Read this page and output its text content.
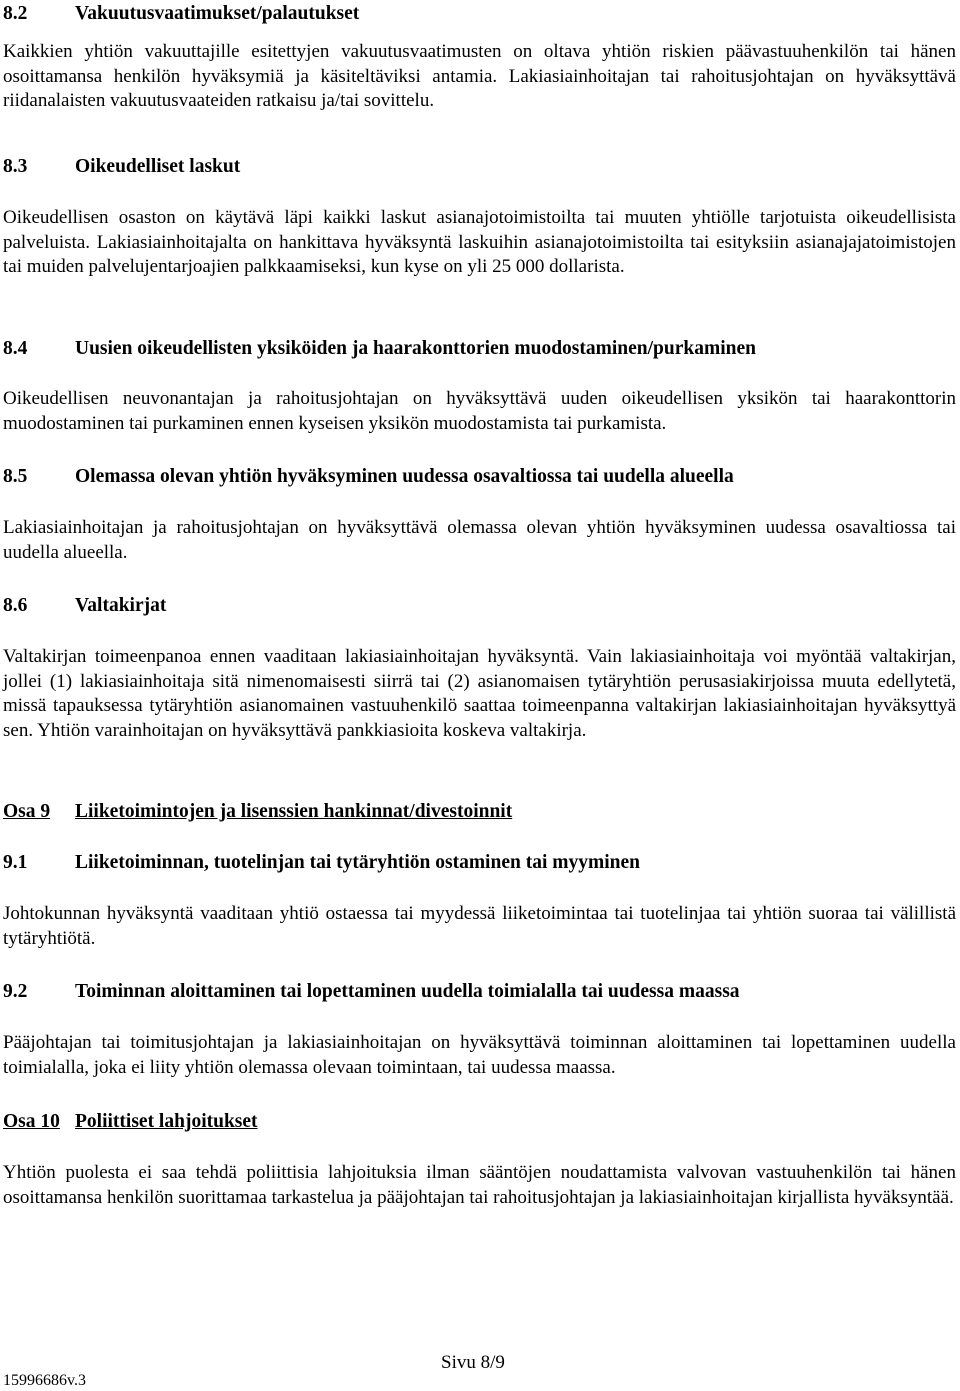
8.2 Vakuutusvaatimukset/palautukset
Kaikkien yhtiön vakuuttajille esitettyjen vakuutusvaatimusten on oltava yhtiön riskien päävastuuhenkilön tai hänen osoittamansa henkilön hyväksymiä ja käsiteltäviksi antamia. Lakiasiainhoitajan tai rahoitusjohtajan on hyväksyttävä riidanalaisten vakuutusvaateiden ratkaisu ja/tai sovittelu.
8.3 Oikeudelliset laskut
Oikeudellisen osaston on käytävä läpi kaikki laskut asianajotoimistoilta tai muuten yhtiölle tarjotuista oikeudellisista palveluista. Lakiasiainhoitajalta on hankittava hyväksyntä laskuihin asianajotoimistoilta tai esityksiin asianajajatoimistojen tai muiden palvelujentarjoajien palkkaamiseksi, kun kyse on yli 25 000 dollarista.
8.4 Uusien oikeudellisten yksiköiden ja haarakonttorien muodostaminen/purkaminen
Oikeudellisen neuvonantajan ja rahoitusjohtajan on hyväksyttävä uuden oikeudellisen yksikön tai haarakonttorin muodostaminen tai purkaminen ennen kyseisen yksikön muodostamista tai purkamista.
8.5 Olemassa olevan yhtiön hyväksyminen uudessa osavaltiossa tai uudella alueella
Lakiasiainhoitajan ja rahoitusjohtajan on hyväksyttävä olemassa olevan yhtiön hyväksyminen uudessa osavaltiossa tai uudella alueella.
8.6 Valtakirjat
Valtakirjan toimeenpanoa ennen vaaditaan lakiasiainhoitajan hyväksyntä. Vain lakiasiainhoitaja voi myöntää valtakirjan, jollei (1) lakiasiainhoitaja sitä nimenomaisesti siirrä tai (2) asianomaisen tytäryhtiön perusasiakirjoissa muuta edellytetä, missä tapauksessa tytäryhtiön asianomainen vastuuhenkilö saattaa toimeenpanna valtakirjan lakiasiainhoitajan hyväksyttyä sen. Yhtiön varainhoitajan on hyväksyttävä pankkiasioita koskeva valtakirja.
Osa 9 Liiketoimintojen ja lisenssien hankinnat/divestoinnit
9.1 Liiketoiminnan, tuotelinjan tai tytäryhtiön ostaminen tai myyminen
Johtokunnan hyväksyntä vaaditaan yhtiö ostaessa tai myydessä liiketoimintaa tai tuotelinjaa tai yhtiön suoraa tai välillistä tytäryhtiötä.
9.2 Toiminnan aloittaminen tai lopettaminen uudella toimialalla tai uudessa maassa
Pääjohtajan tai toimitusjohtajan ja lakiasiainhoitajan on hyväksyttävä toiminnan aloittaminen tai lopettaminen uudella toimialalla, joka ei liity yhtiön olemassa olevaan toimintaan, tai uudessa maassa.
Osa 10 Poliittiset lahjoitukset
Yhtiön puolesta ei saa tehdä poliittisia lahjoituksia ilman sääntöjen noudattamista valvovan vastuuhenkilön tai hänen osoittamansa henkilön suorittamaa tarkastelua ja pääjohtajan tai rahoitusjohtajan ja lakiasiainhoitajan kirjallista hyväksyntää.
Sivu 8/9
15996686v.3
